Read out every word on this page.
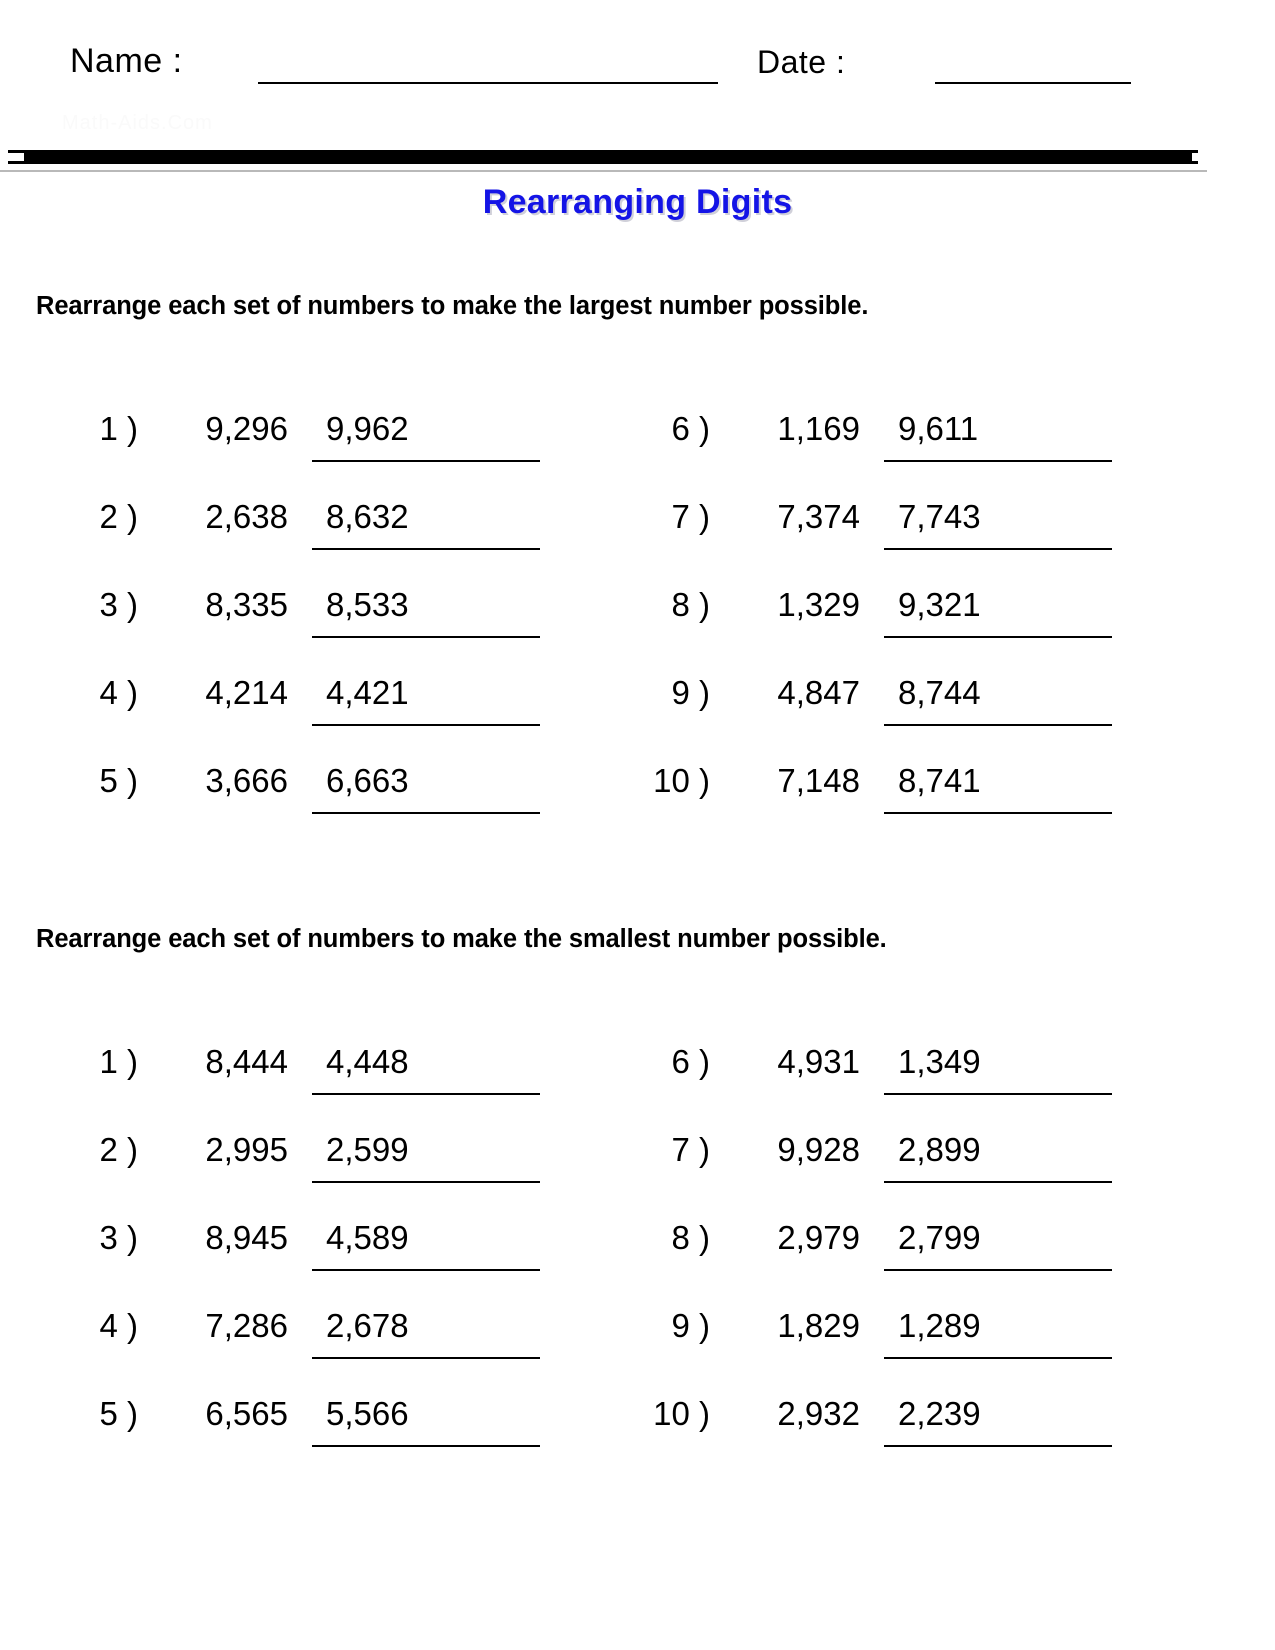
Name :	Date :
Math-Aids.Com
Rearranging Digits
Rearrange each set of numbers to make the largest number possible.
1 )	9,296 9,962	6 )	1,169 9,611
2 )	2,638 8,632	7 )	7,374 7,743
3 )	8,335 8,533	8 )	1,329 9,321
4 )	4,214 4,421	9 )	4,847 8,744
5 )	3,666 6,663	10 )	7,148 8,741
Rearrange each set of numbers to make the smallest number possible.
1 )	8,444 4,448	6 )	4,931 1,349
2 )	2,995 2,599	7 )	9,928 2,899
3 )	8,945 4,589	8 )	2,979 2,799
4 )	7,286 2,678	9 )	1,829 1,289
5 )	6,565 5,566	10 )	2,932 2,239
